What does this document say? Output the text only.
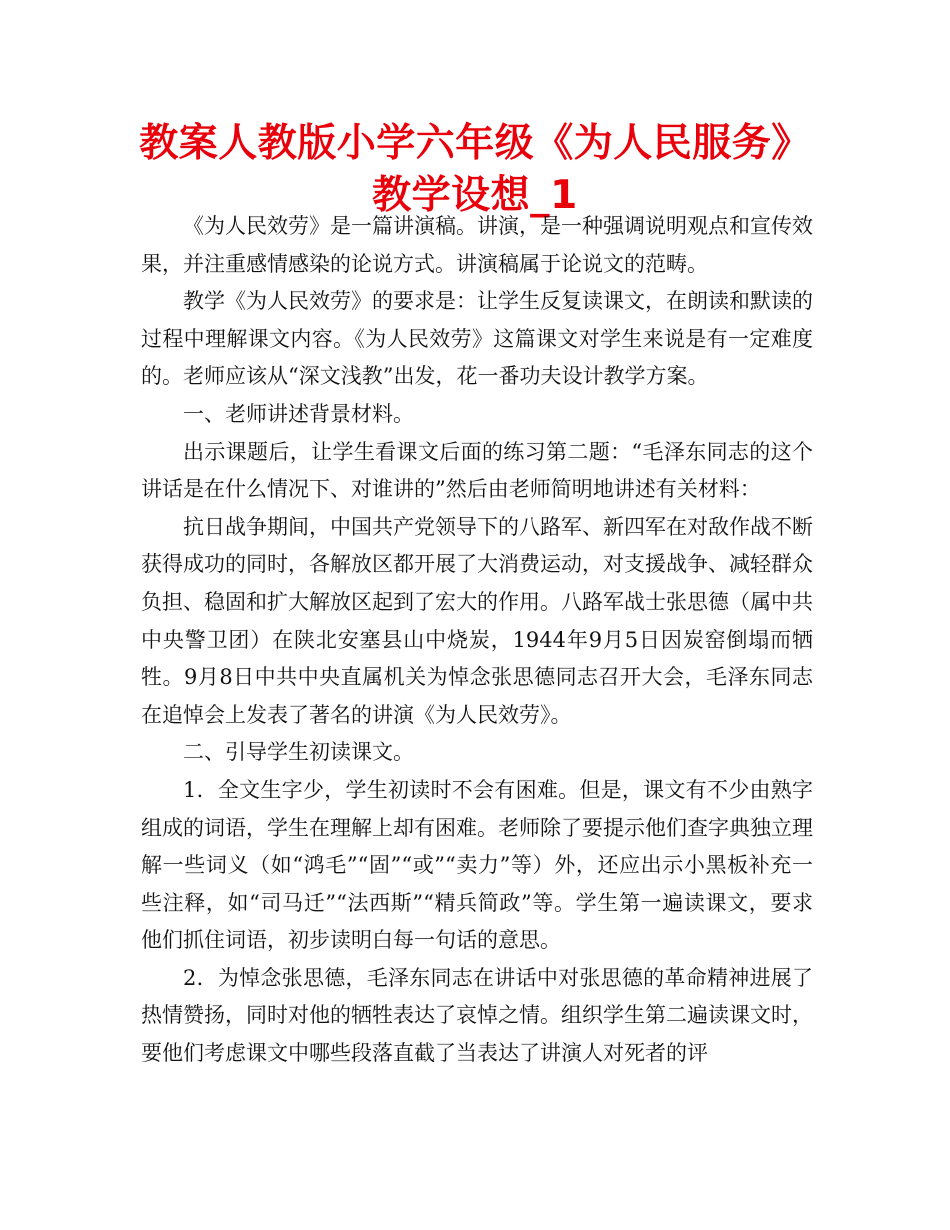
教案人教版小学六年级《为人民服务》教学设想_1

《为人民效劳》是一篇讲演稿。讲演，是一种强调说明观点和宣传效果，并注重感情感染的论说方式。讲演稿属于论说文的范畴。

教学《为人民效劳》的要求是：让学生反复读课文，在朗读和默读的过程中理解课文内容。《为人民效劳》这篇课文对学生来说是有一定难度的。老师应该从“深文浅教”出发，花一番功夫设计教学方案。

一、老师讲述背景材料。

出示课题后，让学生看课文后面的练习第二题：“毛泽东同志的这个讲话是在什么情况下、对谁讲的”然后由老师简明地讲述有关材料：

抗日战争期间，中国共产党领导下的八路军、新四军在对敌作战不断获得成功的同时，各解放区都开展了大消费运动，对支援战争、减轻群众负担、稳固和扩大解放区起到了宏大的作用。八路军战士张思德（属中共中央警卫团）在陕北安塞县山中烧炭，1944年9月5日因炭窑倒塌而牺牲。9月8日中共中央直属机关为悼念张思德同志召开大会，毛泽东同志在追悼会上发表了著名的讲演《为人民效劳》。

二、引导学生初读课文。

1．全文生字少，学生初读时不会有困难。但是，课文有不少由熟字组成的词语，学生在理解上却有困难。老师除了要提示他们查字典独立理解一些词义（如“鸿毛”“固”“或”“卖力”等）外，还应出示小黑板补充一些注释，如“司马迁”“法西斯”“精兵简政”等。学生第一遍读课文，要求他们抓住词语，初步读明白每一句话的意思。

2．为悼念张思德，毛泽东同志在讲话中对张思德的革命精神进展了热情赞扬，同时对他的牺牲表达了哀悼之情。组织学生第二遍读课文时，要他们考虑课文中哪些段落直截了当表达了讲演人对死者的评
